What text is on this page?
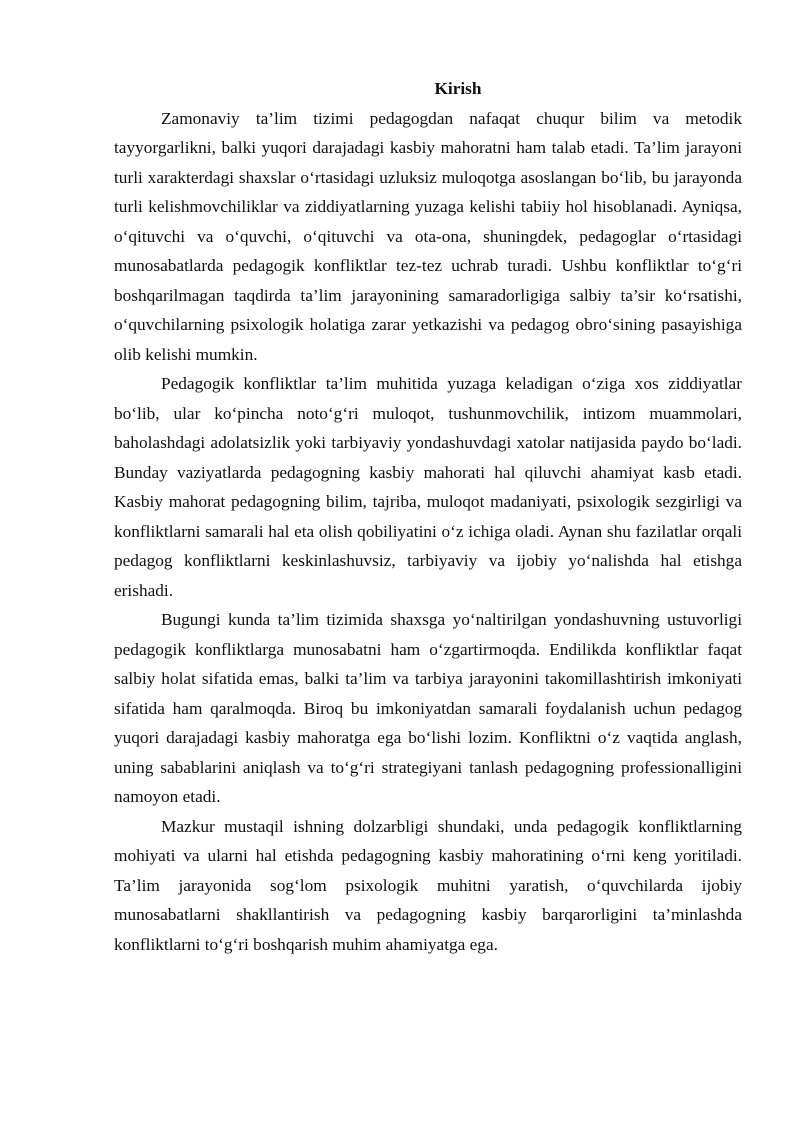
Kirish

Zamonaviy ta’lim tizimi pedagogdan nafaqat chuqur bilim va metodik tayyorgarlikni, balki yuqori darajadagi kasbiy mahoratni ham talab etadi. Ta’lim jarayoni turli xarakterdagi shaxslar o‘rtasidagi uzluksiz muloqotga asoslangan bo‘lib, bu jarayonda turli kelishmovchiliklar va ziddiyatlarning yuzaga kelishi tabiiy hol hisoblanadi. Ayniqsa, o‘qituvchi va o‘quvchi, o‘qituvchi va ota-ona, shuningdek, pedagoglar o‘rtasidagi munosabatlarda pedagogik konfliktlar tez-tez uchrab turadi. Ushbu konfliktlar to‘g‘ri boshqarilmagan taqdirda ta’lim jarayonining samaradorligiga salbiy ta’sir ko‘rsatishi, o‘quvchilarning psixologik holatiga zarar yetkazishi va pedagog obro‘sining pasayishiga olib kelishi mumkin.

Pedagogik konfliktlar ta’lim muhitida yuzaga keladigan o‘ziga xos ziddiyatlar bo‘lib, ular ko‘pincha noto‘g‘ri muloqot, tushunmovchilik, intizom muammolari, baholashdagi adolatsizlik yoki tarbiyaviy yondashuvdagi xatolar natijasida paydo bo‘ladi. Bunday vaziyatlarda pedagogning kasbiy mahorati hal qiluvchi ahamiyat kasb etadi. Kasbiy mahorat pedagogning bilim, tajriba, muloqot madaniyati, psixologik sezgirligi va konfliktlarni samarali hal eta olish qobiliyatini o‘z ichiga oladi. Aynan shu fazilatlar orqali pedagog konfliktlarni keskinlashuvsiz, tarbiyaviy va ijobiy yo‘nalishda hal etishga erishadi.

Bugungi kunda ta’lim tizimida shaxsga yo‘naltirilgan yondashuvning ustuvorligi pedagogik konfliktlarga munosabatni ham o‘zgartirmoqda. Endilikda konfliktlar faqat salbiy holat sifatida emas, balki ta’lim va tarbiya jarayonini takomillashtirish imkoniyati sifatida ham qaralmoqda. Biroq bu imkoniyatdan samarali foydalanish uchun pedagog yuqori darajadagi kasbiy mahoratga ega bo‘lishi lozim. Konfliktni o‘z vaqtida anglash, uning sabablarini aniqlash va to‘g‘ri strategiyani tanlash pedagogning professionalligini namoyon etadi.

Mazkur mustaqil ishning dolzarbligi shundaki, unda pedagogik konfliktlarning mohiyati va ularni hal etishda pedagogning kasbiy mahoratining o‘rni keng yoritiladi. Ta’lim jarayonida sog‘lom psixologik muhitni yaratish, o‘quvchilarda ijobiy munosabatlarni shakllantirish va pedagogning kasbiy barqarorligini ta’minlashda konfliktlarni to‘g‘ri boshqarish muhim ahamiyatga ega.
